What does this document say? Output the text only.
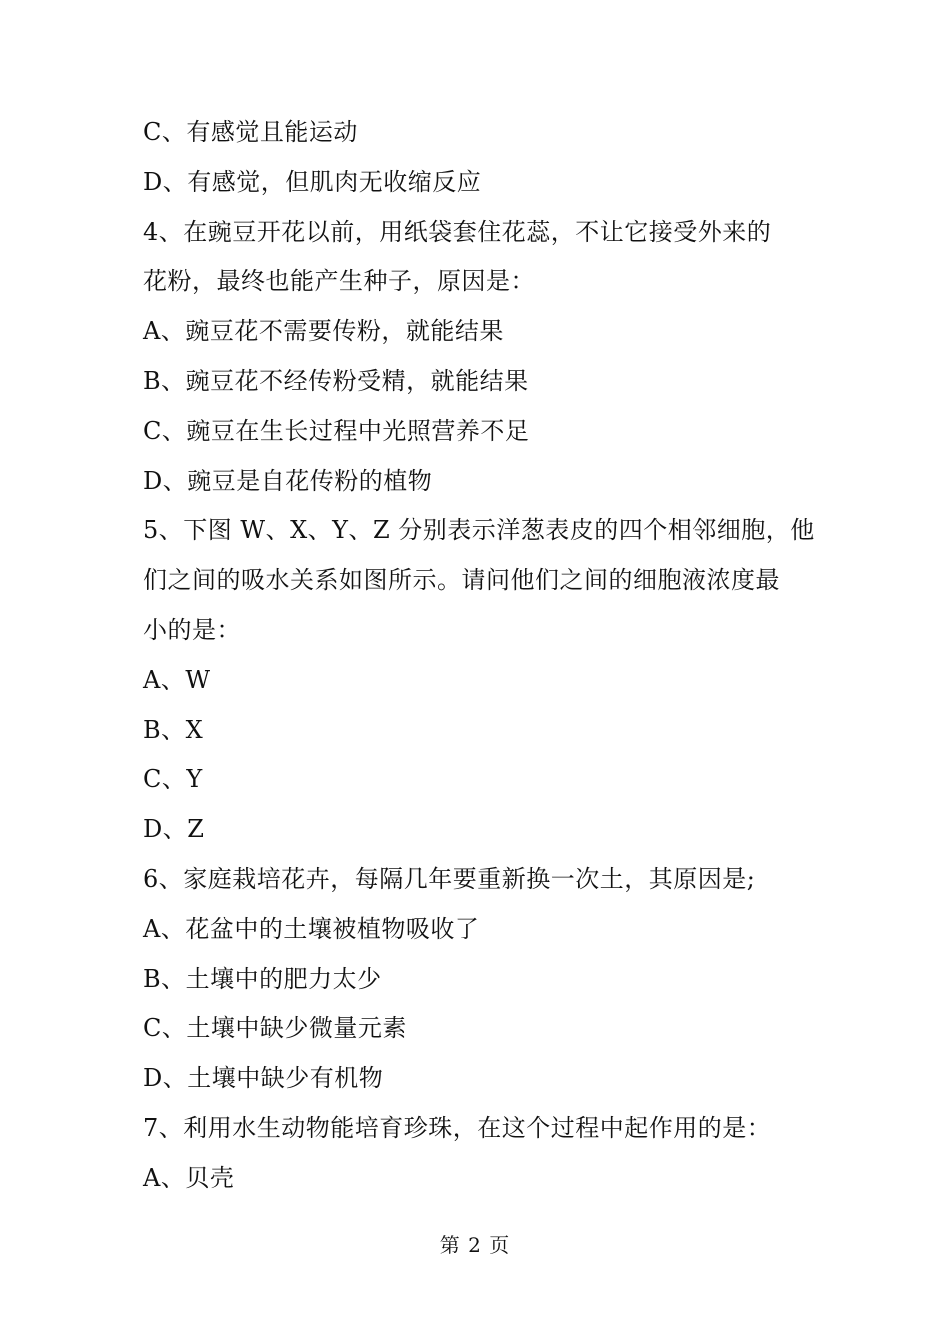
C、有感觉且能运动
D、有感觉，但肌肉无收缩反应
4、在豌豆开花以前，用纸袋套住花蕊，不让它接受外来的
花粉，最终也能产生种子，原因是：
A、豌豆花不需要传粉，就能结果
B、豌豆花不经传粉受精，就能结果
C、豌豆在生长过程中光照营养不足
D、豌豆是自花传粉的植物
5、下图 W、X、Y、Z 分别表示洋葱表皮的四个相邻细胞，他
们之间的吸水关系如图所示。请问他们之间的细胞液浓度最
小的是：
A、W
B、X
C、Y
D、Z
6、家庭栽培花卉，每隔几年要重新换一次土，其原因是;
A、花盆中的土壤被植物吸收了
B、土壤中的肥力太少
C、土壤中缺少微量元素
D、土壤中缺少有机物
7、利用水生动物能培育珍珠，在这个过程中起作用的是：
A、贝壳
第 2 页
